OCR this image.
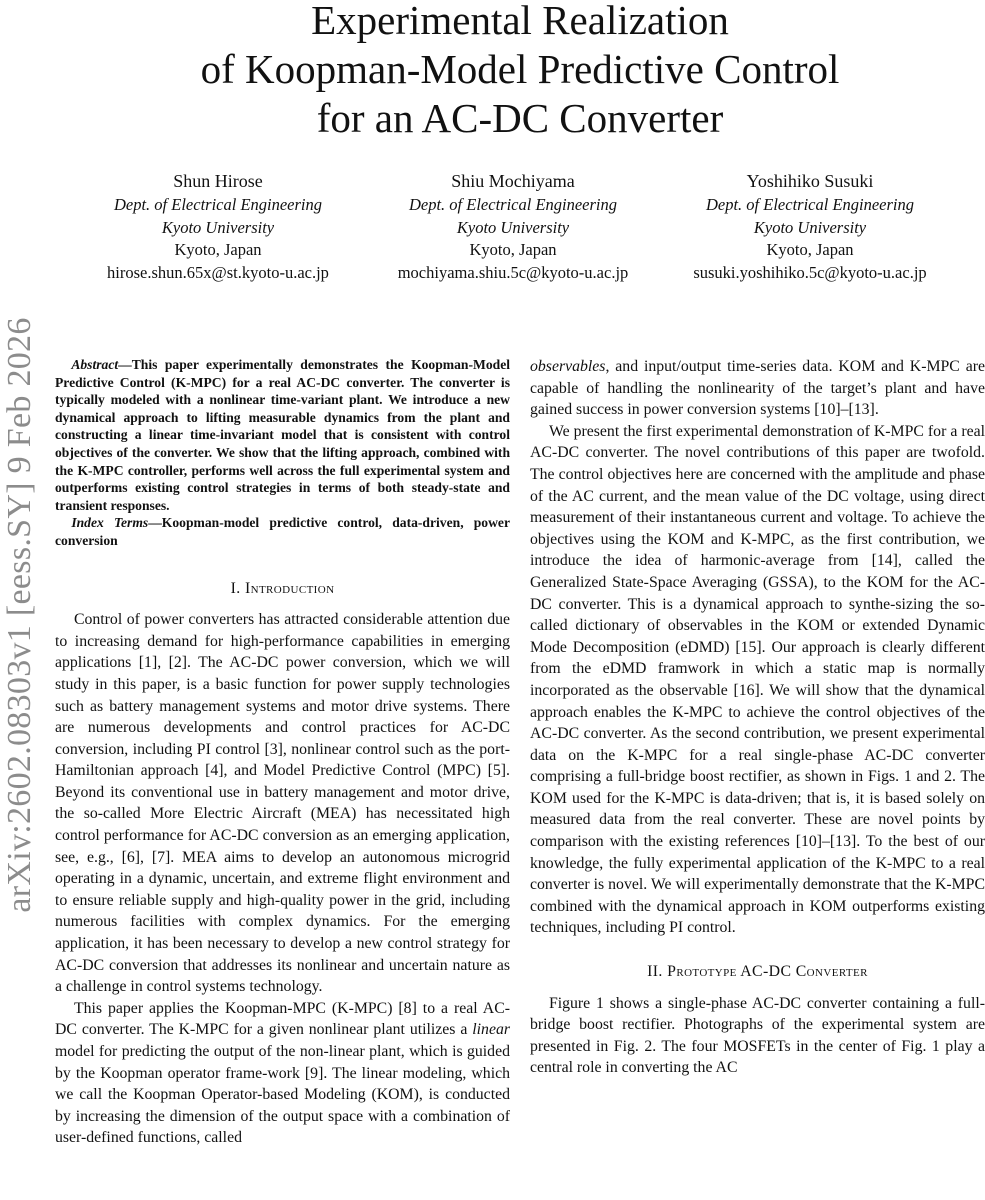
arXiv:2602.08303v1 [eess.SY] 9 Feb 2026
Experimental Realization
of Koopman-Model Predictive Control
for an AC-DC Converter
Shun Hirose
Dept. of Electrical Engineering
Kyoto University
Kyoto, Japan
hirose.shun.65x@st.kyoto-u.ac.jp
Shiu Mochiyama
Dept. of Electrical Engineering
Kyoto University
Kyoto, Japan
mochiyama.shiu.5c@kyoto-u.ac.jp
Yoshihiko Susuki
Dept. of Electrical Engineering
Kyoto University
Kyoto, Japan
susuki.yoshihiko.5c@kyoto-u.ac.jp

Abstract—This paper experimentally demonstrates the Koopman-Model Predictive Control (K-MPC) for a real AC-DC converter. The converter is typically modeled with a nonlinear time-variant plant. We introduce a new dynamical approach to lifting measurable dynamics from the plant and constructing a linear time-invariant model that is consistent with control objectives of the converter. We show that the lifting approach, combined with the K-MPC controller, performs well across the full experimental system and outperforms existing control strategies in terms of both steady-state and transient responses.

Index Terms—Koopman-model predictive control, data-driven, power conversion

I. Introduction

Control of power converters has attracted considerable attention due to increasing demand for high-performance capabilities in emerging applications [1], [2]. The AC-DC power conversion, which we will study in this paper, is a basic function for power supply technologies such as battery management systems and motor drive systems. There are numerous developments and control practices for AC-DC conversion, including PI control [3], nonlinear control such as the port-Hamiltonian approach [4], and Model Predictive Control (MPC) [5]. Beyond its conventional use in battery management and motor drive, the so-called More Electric Aircraft (MEA) has necessitated high control performance for AC-DC conversion as an emerging application, see, e.g., [6], [7]. MEA aims to develop an autonomous microgrid operating in a dynamic, uncertain, and extreme flight environment and to ensure reliable supply and high-quality power in the grid, including numerous facilities with complex dynamics. For the emerging application, it has been necessary to develop a new control strategy for AC-DC conversion that addresses its nonlinear and uncertain nature as a challenge in control systems technology.

This paper applies the Koopman-MPC (K-MPC) [8] to a real AC-DC converter. The K-MPC for a given nonlinear plant utilizes a linear model for predicting the output of the non-linear plant, which is guided by the Koopman operator frame-work [9]. The linear modeling, which we call the Koopman Operator-based Modeling (KOM), is conducted by increasing the dimension of the output space with a combination of user-defined functions, called

observables, and input/output time-series data. KOM and K-MPC are capable of handling the nonlinearity of the target’s plant and have gained success in power conversion systems [10]–[13].

We present the first experimental demonstration of K-MPC for a real AC-DC converter. The novel contributions of this paper are twofold. The control objectives here are concerned with the amplitude and phase of the AC current, and the mean value of the DC voltage, using direct measurement of their instantaneous current and voltage. To achieve the objectives using the KOM and K-MPC, as the first contribution, we introduce the idea of harmonic-average from [14], called the Generalized State-Space Averaging (GSSA), to the KOM for the AC-DC converter. This is a dynamical approach to synthe-sizing the so-called dictionary of observables in the KOM or extended Dynamic Mode Decomposition (eDMD) [15]. Our approach is clearly different from the eDMD framwork in which a static map is normally incorporated as the observable [16]. We will show that the dynamical approach enables the K-MPC to achieve the control objectives of the AC-DC converter. As the second contribution, we present experimental data on the K-MPC for a real single-phase AC-DC converter comprising a full-bridge boost rectifier, as shown in Figs. 1 and 2. The KOM used for the K-MPC is data-driven; that is, it is based solely on measured data from the real converter. These are novel points by comparison with the existing references [10]–[13]. To the best of our knowledge, the fully experimental application of the K-MPC to a real converter is novel. We will experimentally demonstrate that the K-MPC combined with the dynamical approach in KOM outperforms existing techniques, including PI control.

II. Prototype AC-DC Converter

Figure 1 shows a single-phase AC-DC converter containing a full-bridge boost rectifier. Photographs of the experimental system are presented in Fig. 2. The four MOSFETs in the center of Fig. 1 play a central role in converting the AC
